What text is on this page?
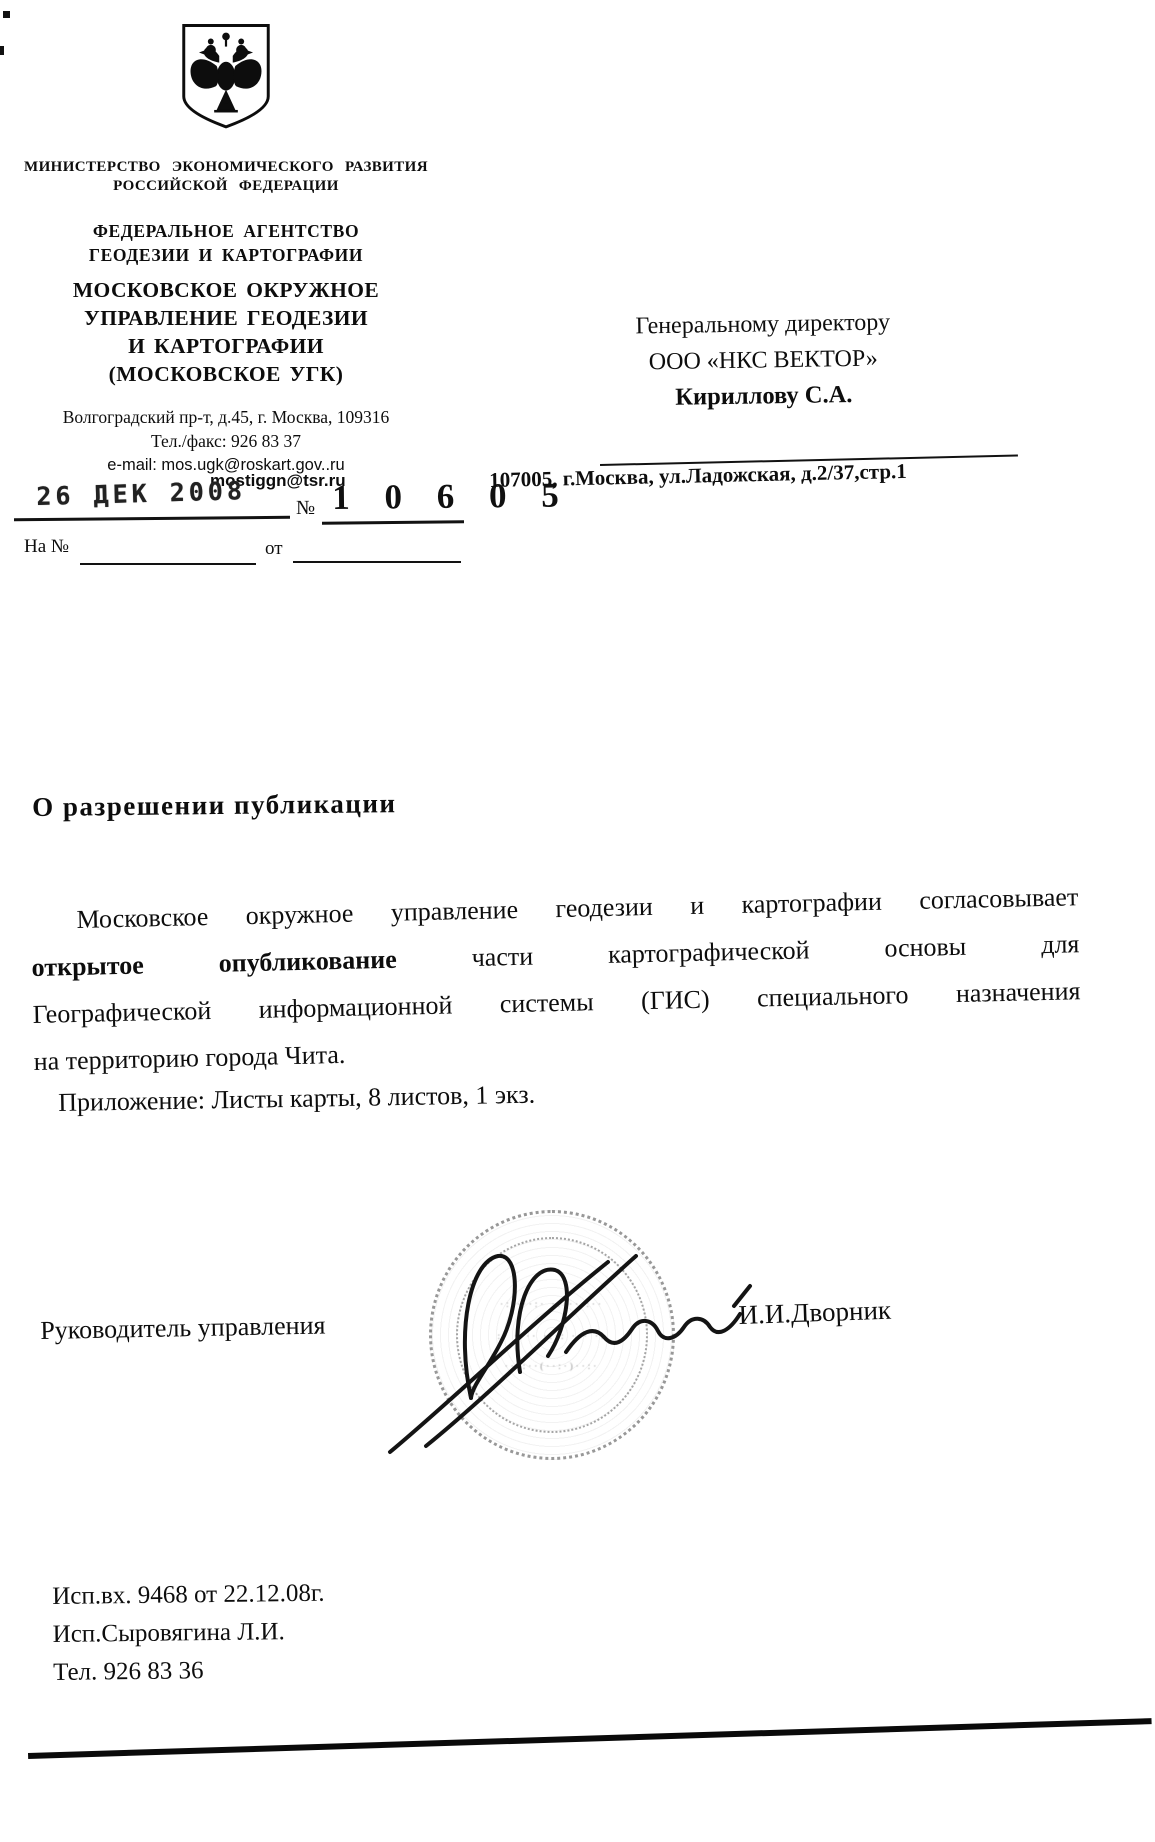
МИНИСТЕРСТВО ЭКОНОМИЧЕСКОГО РАЗВИТИЯ
РОССИЙСКОЙ ФЕДЕРАЦИИ
ФЕДЕРАЛЬНОЕ АГЕНТСТВО
ГЕОДЕЗИИ И КАРТОГРАФИИ
МОСКОВСКОЕ ОКРУЖНОЕ
УПРАВЛЕНИЕ ГЕОДЕЗИИ
И КАРТОГРАФИИ
(МОСКОВСКОЕ УГК)
Волгоградский пр-т, д.45, г. Москва, 109316
Тел./факс: 926 83 37
e-mail: mos.ugk@roskart.gov..ru
mostiggn@tsr.ru
26 ДЕК 2008 № 1 0 6 0 5
На №	от
Генеральному директору
ООО «НКС ВЕКТОР»
Кириллову С.А.
107005, г.Москва, ул.Ладожская, д.2/37,стр.1
О разрешении публикации
Московское окружное управление геодезии и картографии согласовывает
открытое	опубликование	части	картографической	основы	для
Географической информационной системы (ГИС) специального назначения
на территорию города Чита.
Приложение: Листы карты, 8 листов, 1 экз.
Руководитель управления
·: ···:· ·:··· :··
:· ···· ·:·: ··· ·:
···:··(··:·)··:·
И.И.Дворник
Исп.вх. 9468 от 22.12.08г.
Исп.Сыровягина Л.И.
Тел. 926 83 36
